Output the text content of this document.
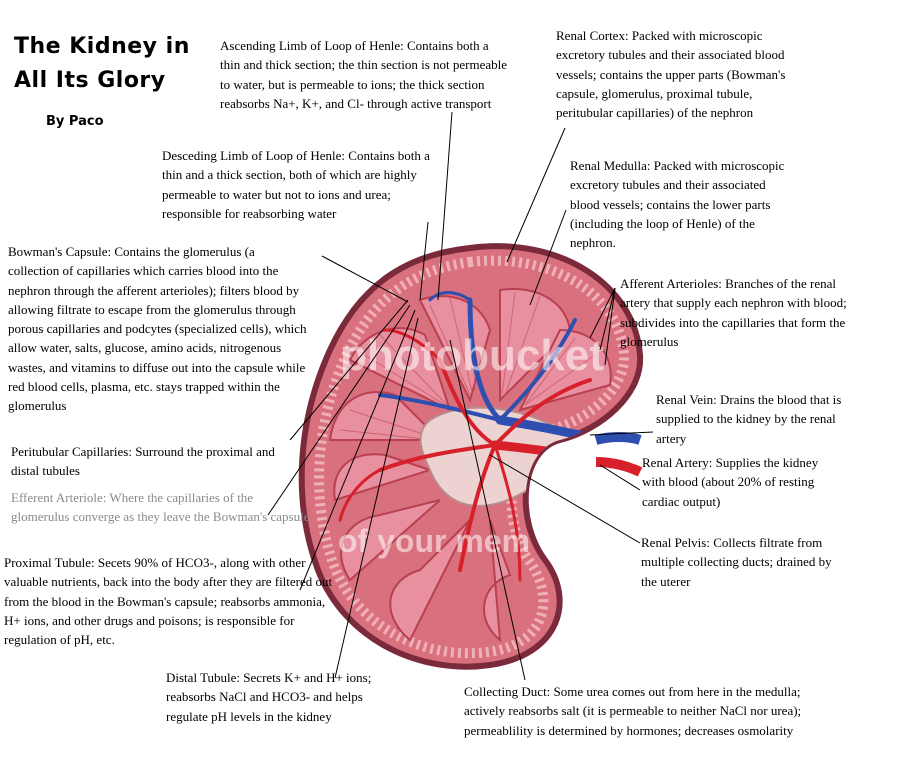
photobucket
of your mem
The Kidney in
All Its Glory
By Paco

Ascending Limb of Loop of Henle: Contains both a thin and thick section; the thin section is not permeable to water, but is permeable to ions; the thick section reabsorbs Na+, K+, and Cl- through active transport

Desceding Limb of Loop of Henle: Contains both a thin and a thick section, both of which are highly permeable to water but not to ions and urea; responsible for reabsorbing water

Bowman's Capsule: Contains the glomerulus (a collection of capillaries which carries blood into the nephron through the afferent arterioles); filters blood by allowing filtrate to escape from the glomerulus through porous capillaries and podcytes (specialized cells), which allow water, salts, glucose, amino acids, nitrogenous wastes, and vitamins to diffuse out into the capsule while red blood cells, plasma, etc. stays trapped within the glomerulus

Peritubular Capillaries: Surround the proximal and distal tubules

Efferent Arteriole: Where the capillaries of the glomerulus converge as they leave the Bowman's capsule

Proximal Tubule: Secets 90% of HCO3-, along with other valuable nutrients, back into the body after they are filtered out from the blood in the Bowman's capsule; reabsorbs ammonia, H+ ions, and other drugs and poisons; is responsible for regulation of pH, etc.

Distal Tubule: Secrets K+ and H+ ions; reabsorbs NaCl and HCO3- and helps regulate pH levels in the kidney

Renal Cortex: Packed with microscopic excretory tubules and their associated blood vessels; contains the upper parts (Bowman's capsule, glomerulus, proximal tubule, peritubular capillaries) of the nephron

Renal Medulla: Packed with microscopic excretory tubules and their associated blood vessels; contains the lower parts (including the loop of Henle) of the nephron.

Afferent Arterioles: Branches of the renal artery that supply each nephron with blood; subdivides into the capillaries that form the glomerulus

Renal Vein: Drains the blood that is supplied to the kidney by the renal artery

Renal Artery: Supplies the kidney with blood (about 20% of resting cardiac output)

Renal Pelvis: Collects filtrate from multiple collecting ducts; drained by the uterer

Collecting Duct: Some urea comes out from here in the medulla; actively reabsorbs salt (it is permeable to neither NaCl nor urea); permeablility is determined by hormones; decreases osmolarity
